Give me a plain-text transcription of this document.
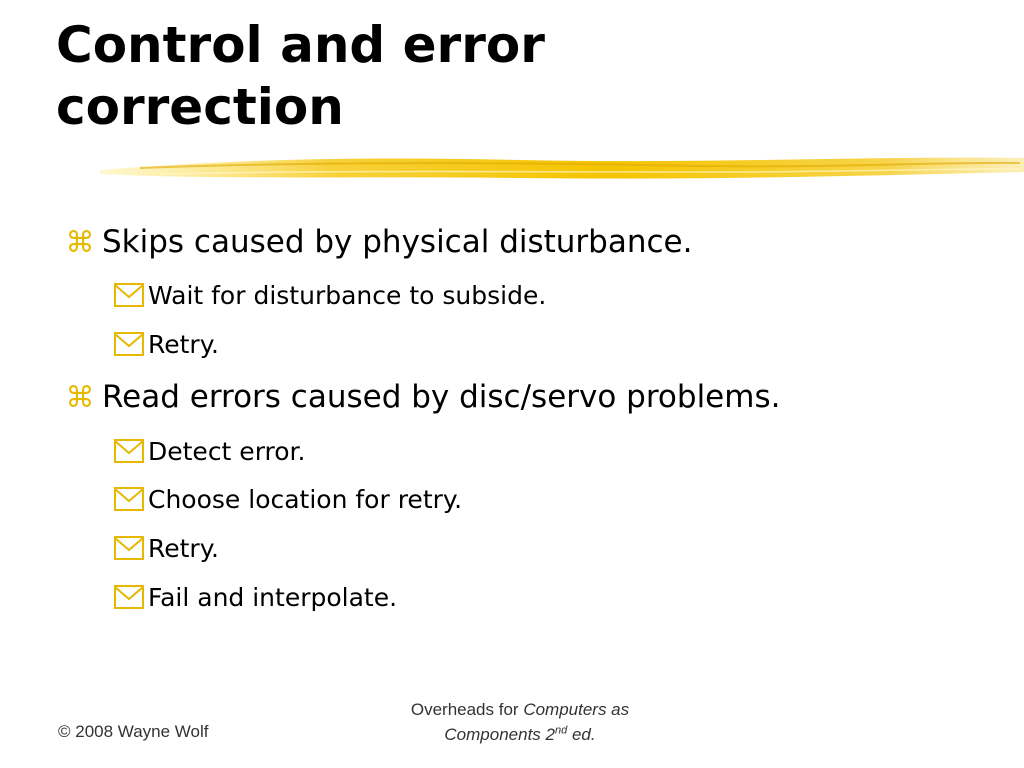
Control and error
correction
⌘ Skips caused by physical disturbance.
Wait for disturbance to subside.
Retry.
⌘ Read errors caused by disc/servo problems.
Detect error.
Choose location for retry.
Retry.
Fail and interpolate.
© 2008 Wayne Wolf
Overheads for Computers as
Components 2nd ed.
